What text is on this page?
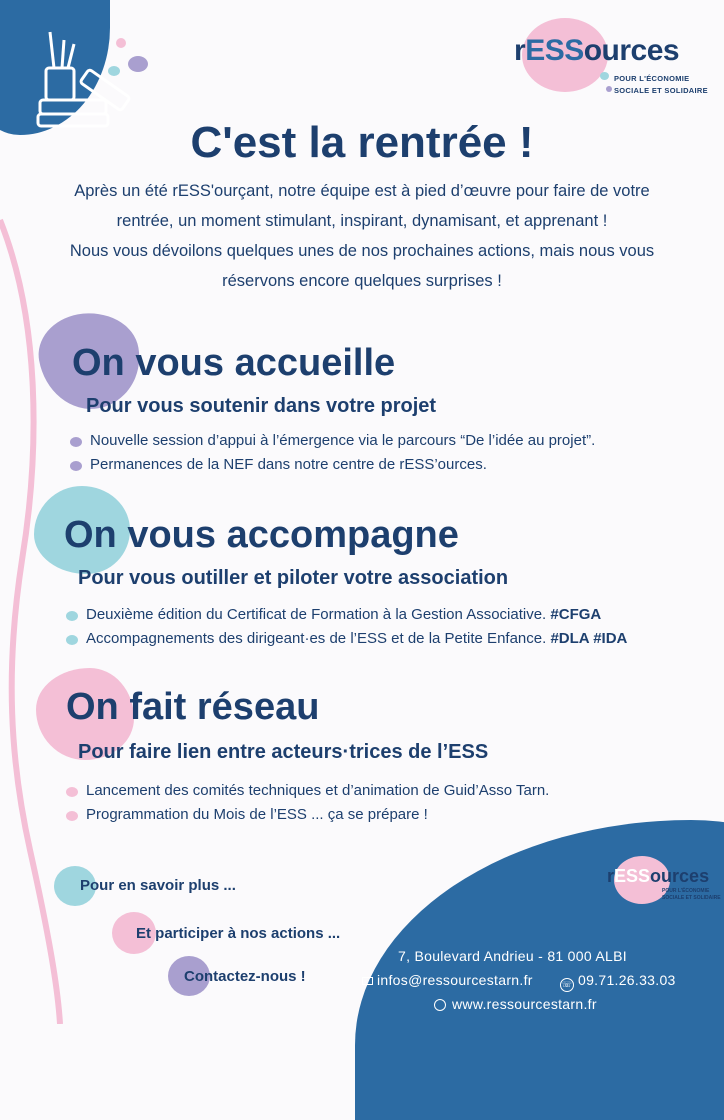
rESSources
POUR L'ÉCONOMIE
SOCIALE ET SOLIDAIRE
C'est la rentrée !
Après un été rESS'ourçant, notre équipe est à pied d’œuvre pour faire de votre
rentrée, un moment stimulant, inspirant, dynamisant, et apprenant !
Nous vous dévoilons quelques unes de nos prochaines actions, mais nous vous
réservons encore quelques surprises !
On vous accueille
Pour vous soutenir dans votre projet
Nouvelle session d’appui à l’émergence via le parcours “De l’idée au projet”.
Permanences de la NEF dans notre centre de rESS’ources.
On vous accompagne
Pour vous outiller et piloter votre association
Deuxième édition du Certificat de Formation à la Gestion Associative. #CFGA
Accompagnements des dirigeant·es de l’ESS et de la Petite Enfance. #DLA #IDA
On fait réseau
Pour faire lien entre acteurs·trices de l’ESS
Lancement des comités techniques et d’animation de Guid’Asso Tarn.
Programmation du Mois de l’ESS ... ça se prépare !
Pour en savoir plus ...
Et participer à nos actions ...
Contactez-nous !
rESSources
POUR L'ÉCONOMIE
SOCIALE ET SOLIDAIRE
7, Boulevard Andrieu - 81 000 ALBI
infos@ressourcestarn.fr	☏ 09.71.26.33.03
www.ressourcestarn.fr
